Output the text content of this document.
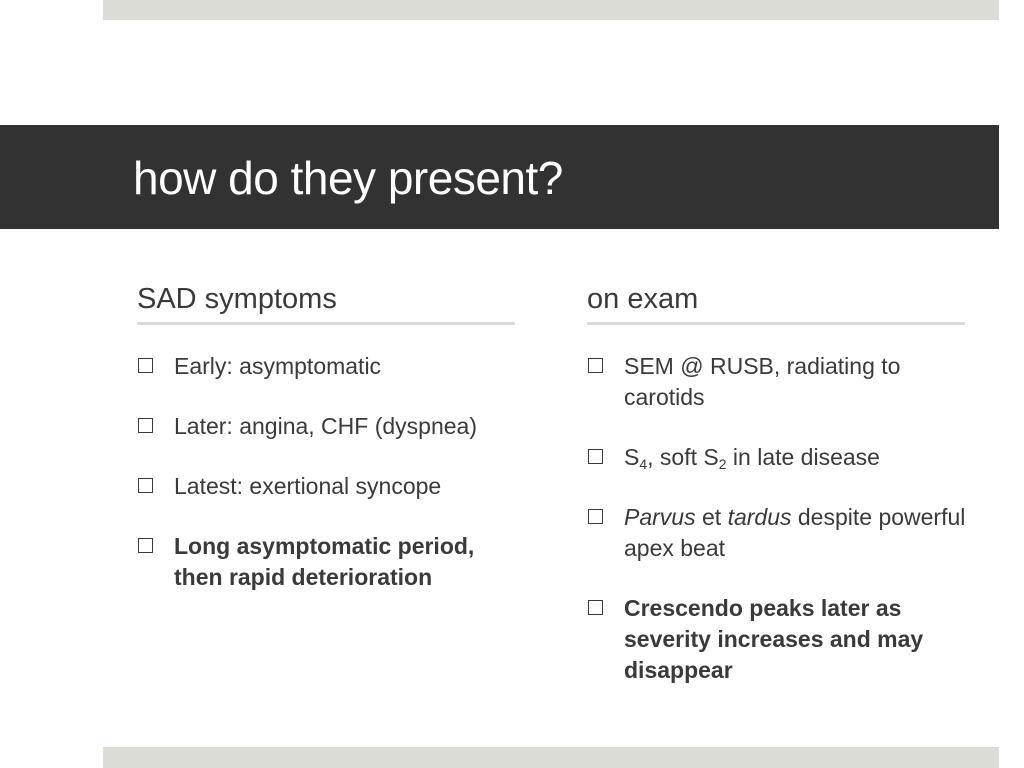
how do they present?
SAD symptoms
Early: asymptomatic
Later: angina, CHF (dyspnea)
Latest: exertional syncope
Long asymptomatic period, then rapid deterioration
on exam
SEM @ RUSB, radiating to carotids
$S_4$, soft $S_2$ in late disease
Parvus et tardus despite powerful apex beat
Crescendo peaks later as severity increases and may disappear
